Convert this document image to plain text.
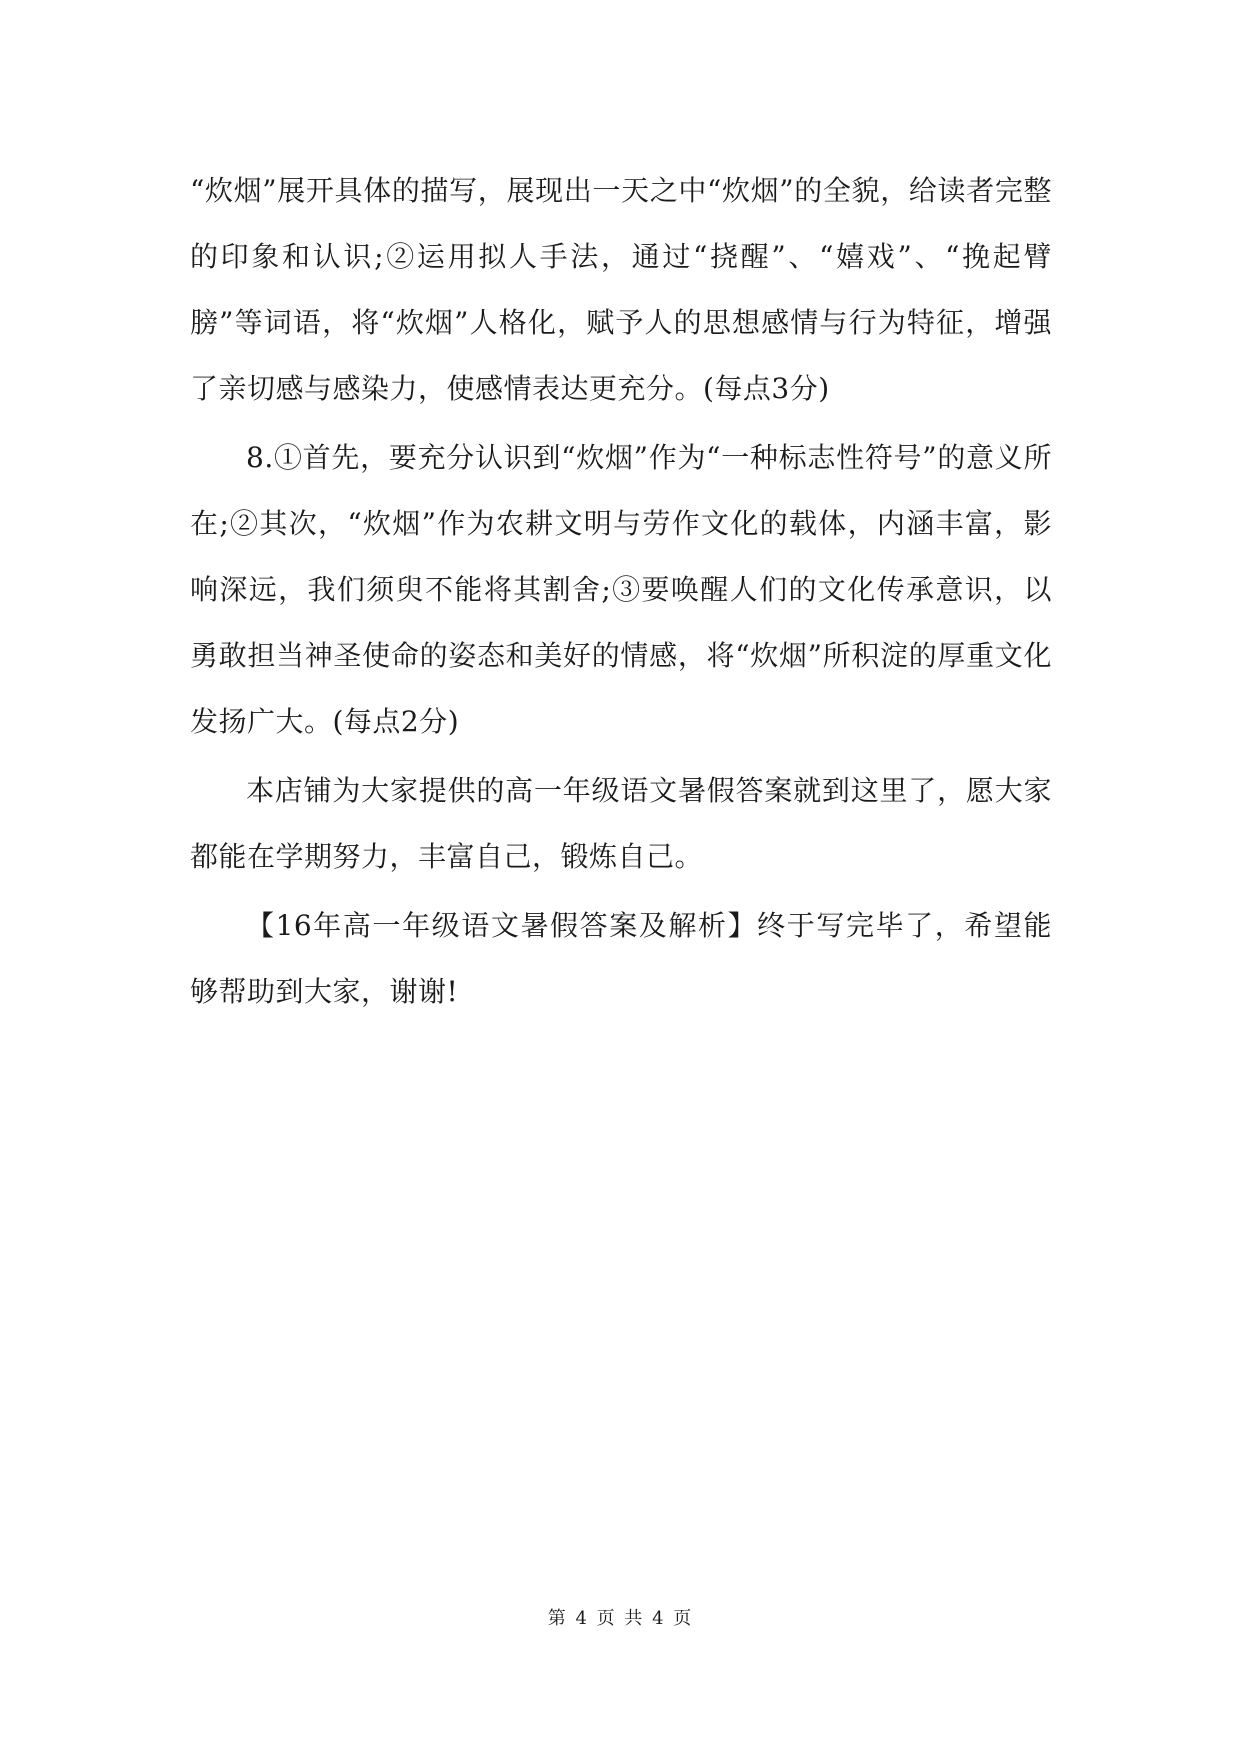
“炊烟”展开具体的描写，展现出一天之中“炊烟”的全貌，给读者完整的印象和认识;②运用拟人手法，通过“挠醒”、“嬉戏”、“挽起臂膀”等词语，将“炊烟”人格化，赋予人的思想感情与行为特征，增强了亲切感与感染力，使感情表达更充分。(每点3分)

8.①首先，要充分认识到“炊烟”作为“一种标志性符号”的意义所在;②其次，“炊烟”作为农耕文明与劳作文化的载体，内涵丰富，影响深远，我们须臾不能将其割舍;③要唤醒人们的文化传承意识，以勇敢担当神圣使命的姿态和美好的情感，将“炊烟”所积淀的厚重文化发扬广大。(每点2分)

本店铺为大家提供的高一年级语文暑假答案就到这里了，愿大家都能在学期努力，丰富自己，锻炼自己。

【16年高一年级语文暑假答案及解析】终于写完毕了，希望能够帮助到大家，谢谢!

第 4 页 共 4 页
